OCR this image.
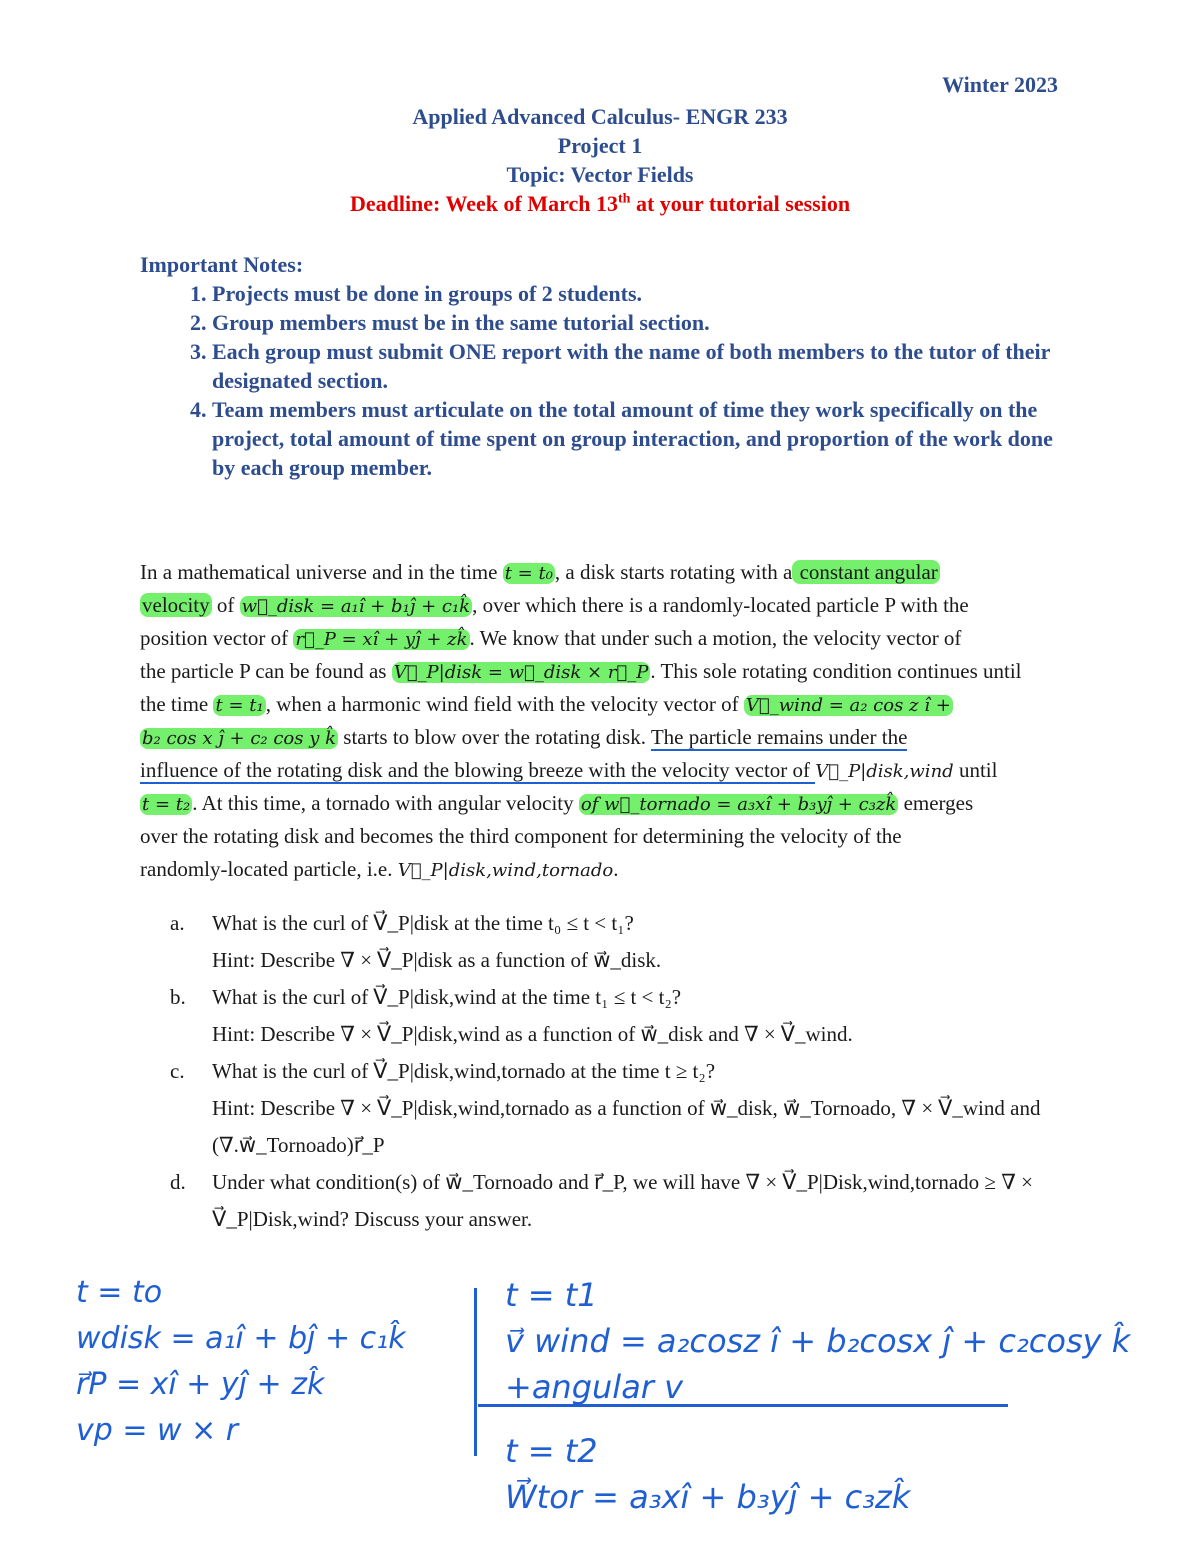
Winter 2023
Applied Advanced Calculus- ENGR 233
Project 1
Topic: Vector Fields
Deadline: Week of March 13th at your tutorial session
Important Notes:
1. Projects must be done in groups of 2 students.
2. Group members must be in the same tutorial section.
3. Each group must submit ONE report with the name of both members to the tutor of their designated section.
4. Team members must articulate on the total amount of time they work specifically on the project, total amount of time spent on group interaction, and proportion of the work done by each group member.
In a mathematical universe and in the time t = t₀, a disk starts rotating with a constant angular
velocity of w⃗_disk = a₁î + b₁ĵ + c₁k̂, over which there is a randomly-located particle P with the
position vector of r⃗_P = xî + yĵ + zk̂. We know that under such a motion, the velocity vector of
the particle P can be found as V⃗_P|disk = w⃗_disk × r⃗_P. This sole rotating condition continues until
the time t = t₁, when a harmonic wind field with the velocity vector of V⃗_wind = a₂ cos z î +
b₂ cos x ĵ + c₂ cos y k̂ starts to blow over the rotating disk. The particle remains under the
influence of the rotating disk and the blowing breeze with the velocity vector of V⃗_P|disk,wind until
t = t₂. At this time, a tornado with angular velocity of w⃗_tornado = a₃xî + b₃yĵ + c₃zk̂ emerges
over the rotating disk and becomes the third component for determining the velocity of the
randomly-located particle, i.e. V⃗_P|disk,wind,tornado.
a. What is the curl of V⃗_P|disk at the time t₀ ≤ t < t₁?
Hint: Describe ∇ × V⃗_P|disk as a function of w⃗_disk.
b. What is the curl of V⃗_P|disk,wind at the time t₁ ≤ t < t₂?
Hint: Describe ∇ × V⃗_P|disk,wind as a function of w⃗_disk and ∇ × V⃗_wind.
c. What is the curl of V⃗_P|disk,wind,tornado at the time t ≥ t₂?
Hint: Describe ∇ × V⃗_P|disk,wind,tornado as a function of w⃗_disk, w⃗_Tornoado, ∇ × V⃗_wind and (∇.w⃗_Tornoado)r⃗_P
d. Under what condition(s) of w⃗_Tornoado and r⃗_P, we will have ∇ × V⃗_P|Disk,wind,tornado ≥ ∇ × V⃗_P|Disk,wind? Discuss your answer.
t = to
wdisk = a₁î + bĵ + c₁k̂
r⃗P = xî + yĵ + zk̂
vp = w × r
t = t1
v⃗ wind = a₂cosz î + b₂cosx ĵ + c₂cosy k̂
+angular v
t = t2
W⃗tor = a₃xî + b₃yĵ + c₃zk̂
